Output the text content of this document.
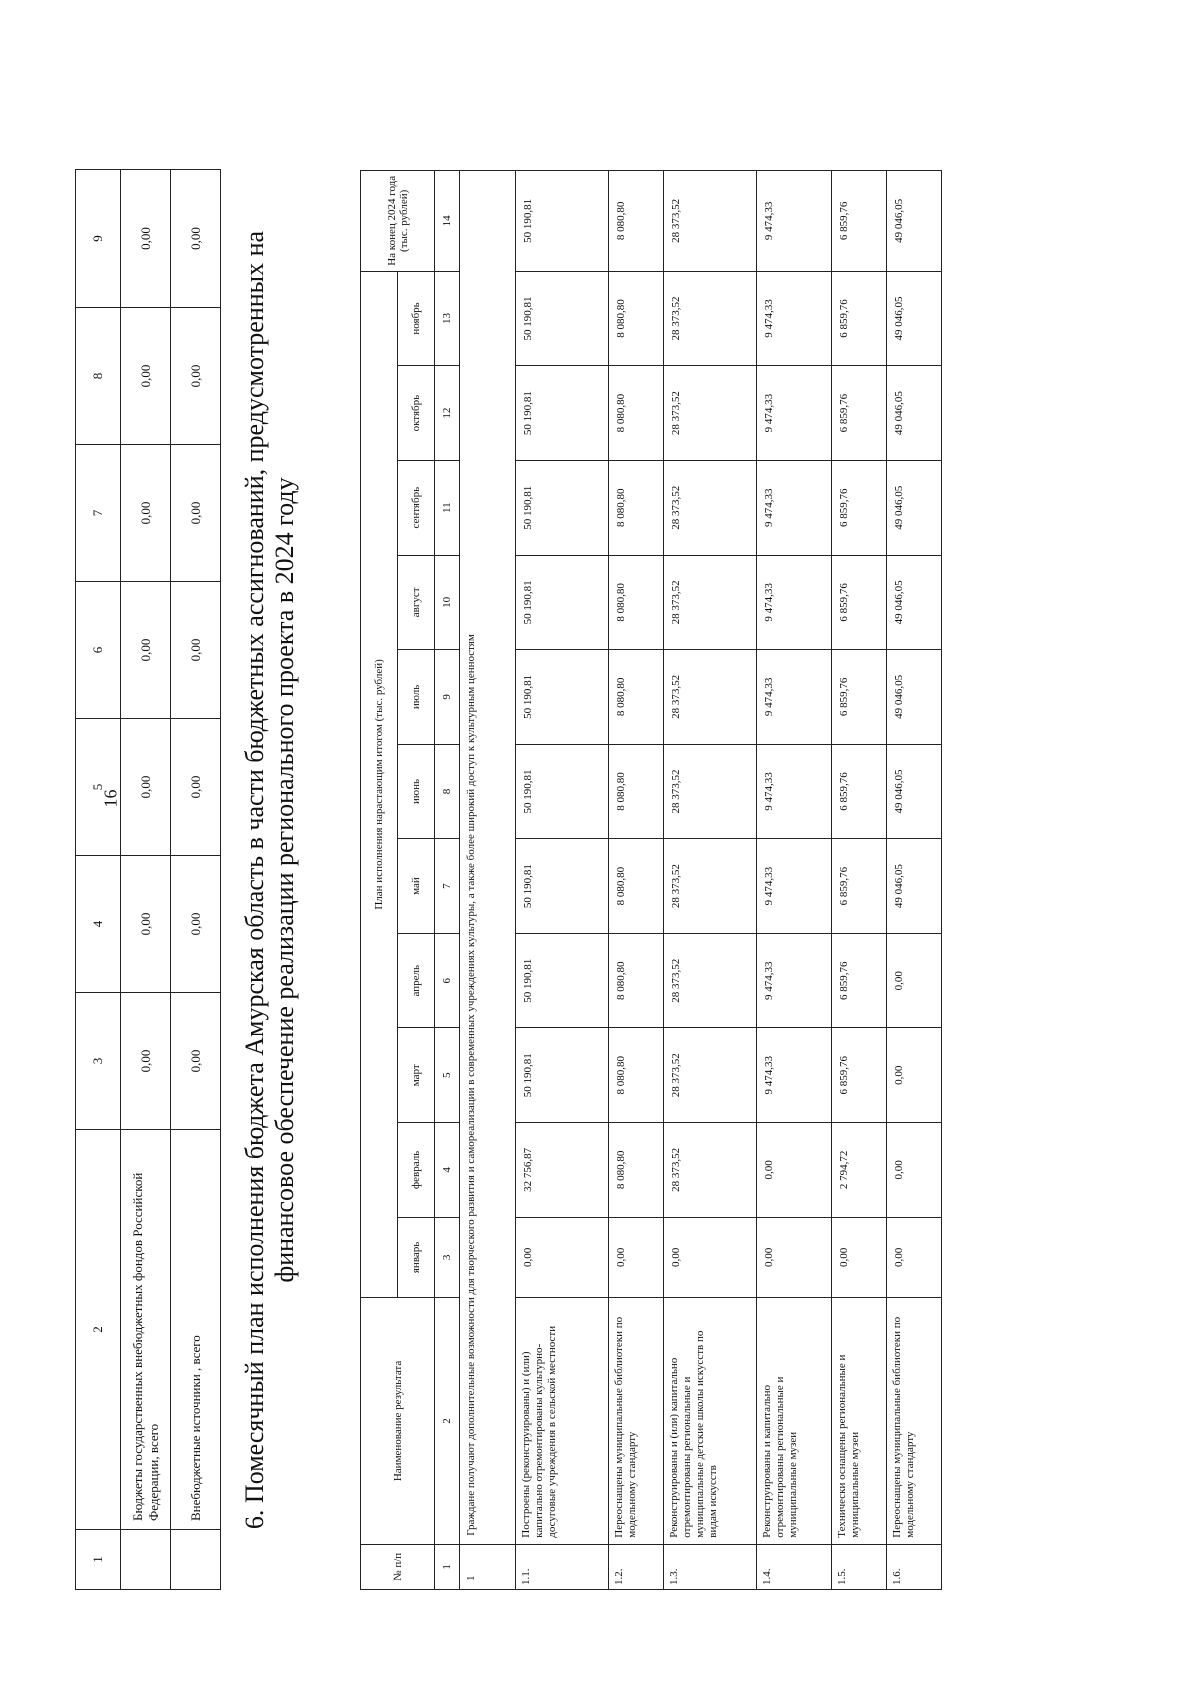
16
1	2	3	4	5	6	7	8	9
	Бюджеты государственных внебюджетных фондов Российской Федерации, всего	0,00	0,00	0,00	0,00	0,00	0,00	0,00
	Внебюджетные источники , всего	0,00	0,00	0,00	0,00	0,00	0,00	0,00 6. Помесячный план исполнения бюджета Амурская область в части бюджетных ассигнований, предусмотренных на финансовое обеспечение реализации регионального проекта в 2024 году
№ п/п	Наименование результата	План исполнения нарастающим итогом (тыс. рублей)											На конец 2024 года (тыс. рублей)
		январь	февраль	март	апрель	май	июнь	июль	август	сентябрь	октябрь	ноябрь	
1	2	3	4	5	6	7	8	9	10	11	12	13	14
1	Граждане получают дополнительные возможности для творческого развития и самореализации в современных учреждениях культуры, а также более широкий доступ к культурным ценностям												
1.1.	Построены (реконструированы) и (или) капитально отремонтированы культурно-досуговые учреждения в сельской местности	0,00	32 756,87	50 190,81	50 190,81	50 190,81	50 190,81	50 190,81	50 190,81	50 190,81	50 190,81	50 190,81	50 190,81
1.2.	Переоснащены муниципальные библиотеки по модельному стандарту	0,00	8 080,80	8 080,80	8 080,80	8 080,80	8 080,80	8 080,80	8 080,80	8 080,80	8 080,80	8 080,80	8 080,80
1.3.	Реконструированы и (или) капитально отремонтированы региональные и муниципальные детские школы искусств по видам искусств	0,00	28 373,52	28 373,52	28 373,52	28 373,52	28 373,52	28 373,52	28 373,52	28 373,52	28 373,52	28 373,52	28 373,52
1.4.	Реконструированы и капитально отремонтированы региональные и муниципальные музеи	0,00	0,00	9 474,33	9 474,33	9 474,33	9 474,33	9 474,33	9 474,33	9 474,33	9 474,33	9 474,33	9 474,33
1.5.	Технически оснащены региональные и муниципальные музеи	0,00	2 794,72	6 859,76	6 859,76	6 859,76	6 859,76	6 859,76	6 859,76	6 859,76	6 859,76	6 859,76	6 859,76
1.6.	Переоснащены муниципальные библиотеки по модельному стандарту	0,00	0,00	0,00	0,00	49 046,05	49 046,05	49 046,05	49 046,05	49 046,05	49 046,05	49 046,05	49 046,05
